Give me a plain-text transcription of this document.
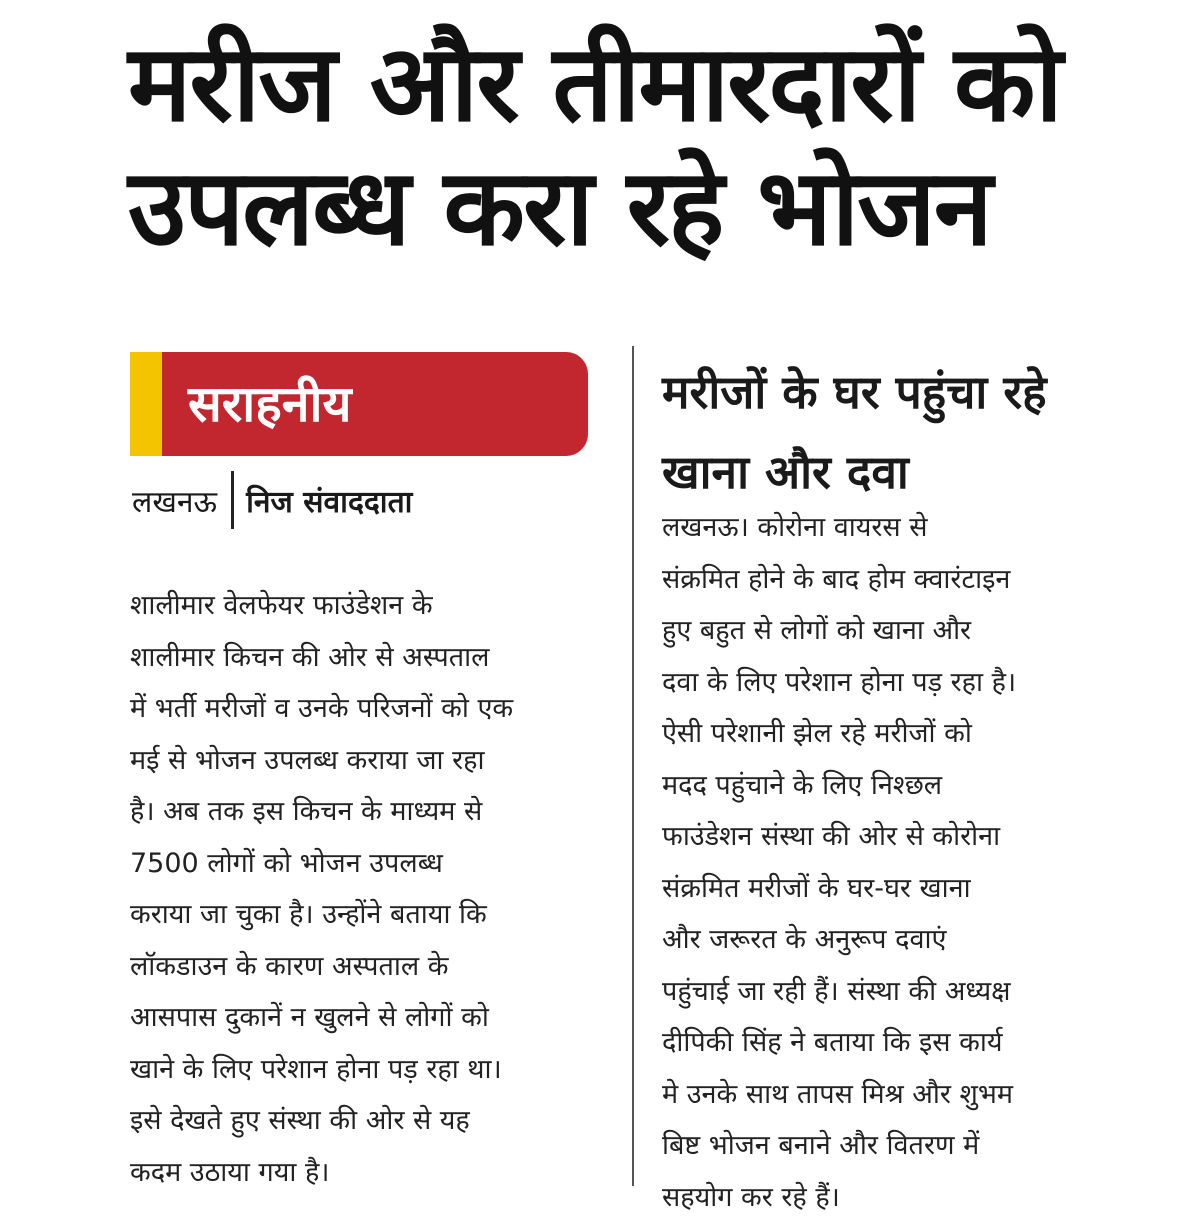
मरीज और तीमारदारों को
उपलब्ध करा रहे भोजन
सराहनीय
लखनऊ निज संवाददाता
शालीमार वेलफेयर फाउंडेशन के
शालीमार किचन की ओर से अस्पताल
में भर्ती मरीजों व उनके परिजनों को एक
मई से भोजन उपलब्ध कराया जा रहा
है। अब तक इस किचन के माध्यम से
7500 लोगों को भोजन उपलब्ध
कराया जा चुका है। उन्होंने बताया कि
लॉकडाउन के कारण अस्पताल के
आसपास दुकानें न खुलने से लोगों को
खाने के लिए परेशान होना पड़ रहा था।
इसे देखते हुए संस्था की ओर से यह
कदम उठाया गया है।
मरीजों के घर पहुंचा रहे
खाना और दवा
लखनऊ। कोरोना वायरस से
संक्रमित होने के बाद होम क्वारंटाइन
हुए बहुत से लोगों को खाना और
दवा के लिए परेशान होना पड़ रहा है।
ऐसी परेशानी झेल रहे मरीजों को
मदद पहुंचाने के लिए निश्छल
फाउंडेशन संस्था की ओर से कोरोना
संक्रमित मरीजों के घर-घर खाना
और जरूरत के अनुरूप दवाएं
पहुंचाई जा रही हैं। संस्था की अध्यक्ष
दीपिकी सिंह ने बताया कि इस कार्य
मे उनके साथ तापस मिश्र और शुभम
बिष्ट भोजन बनाने और वितरण में
सहयोग कर रहे हैं।
